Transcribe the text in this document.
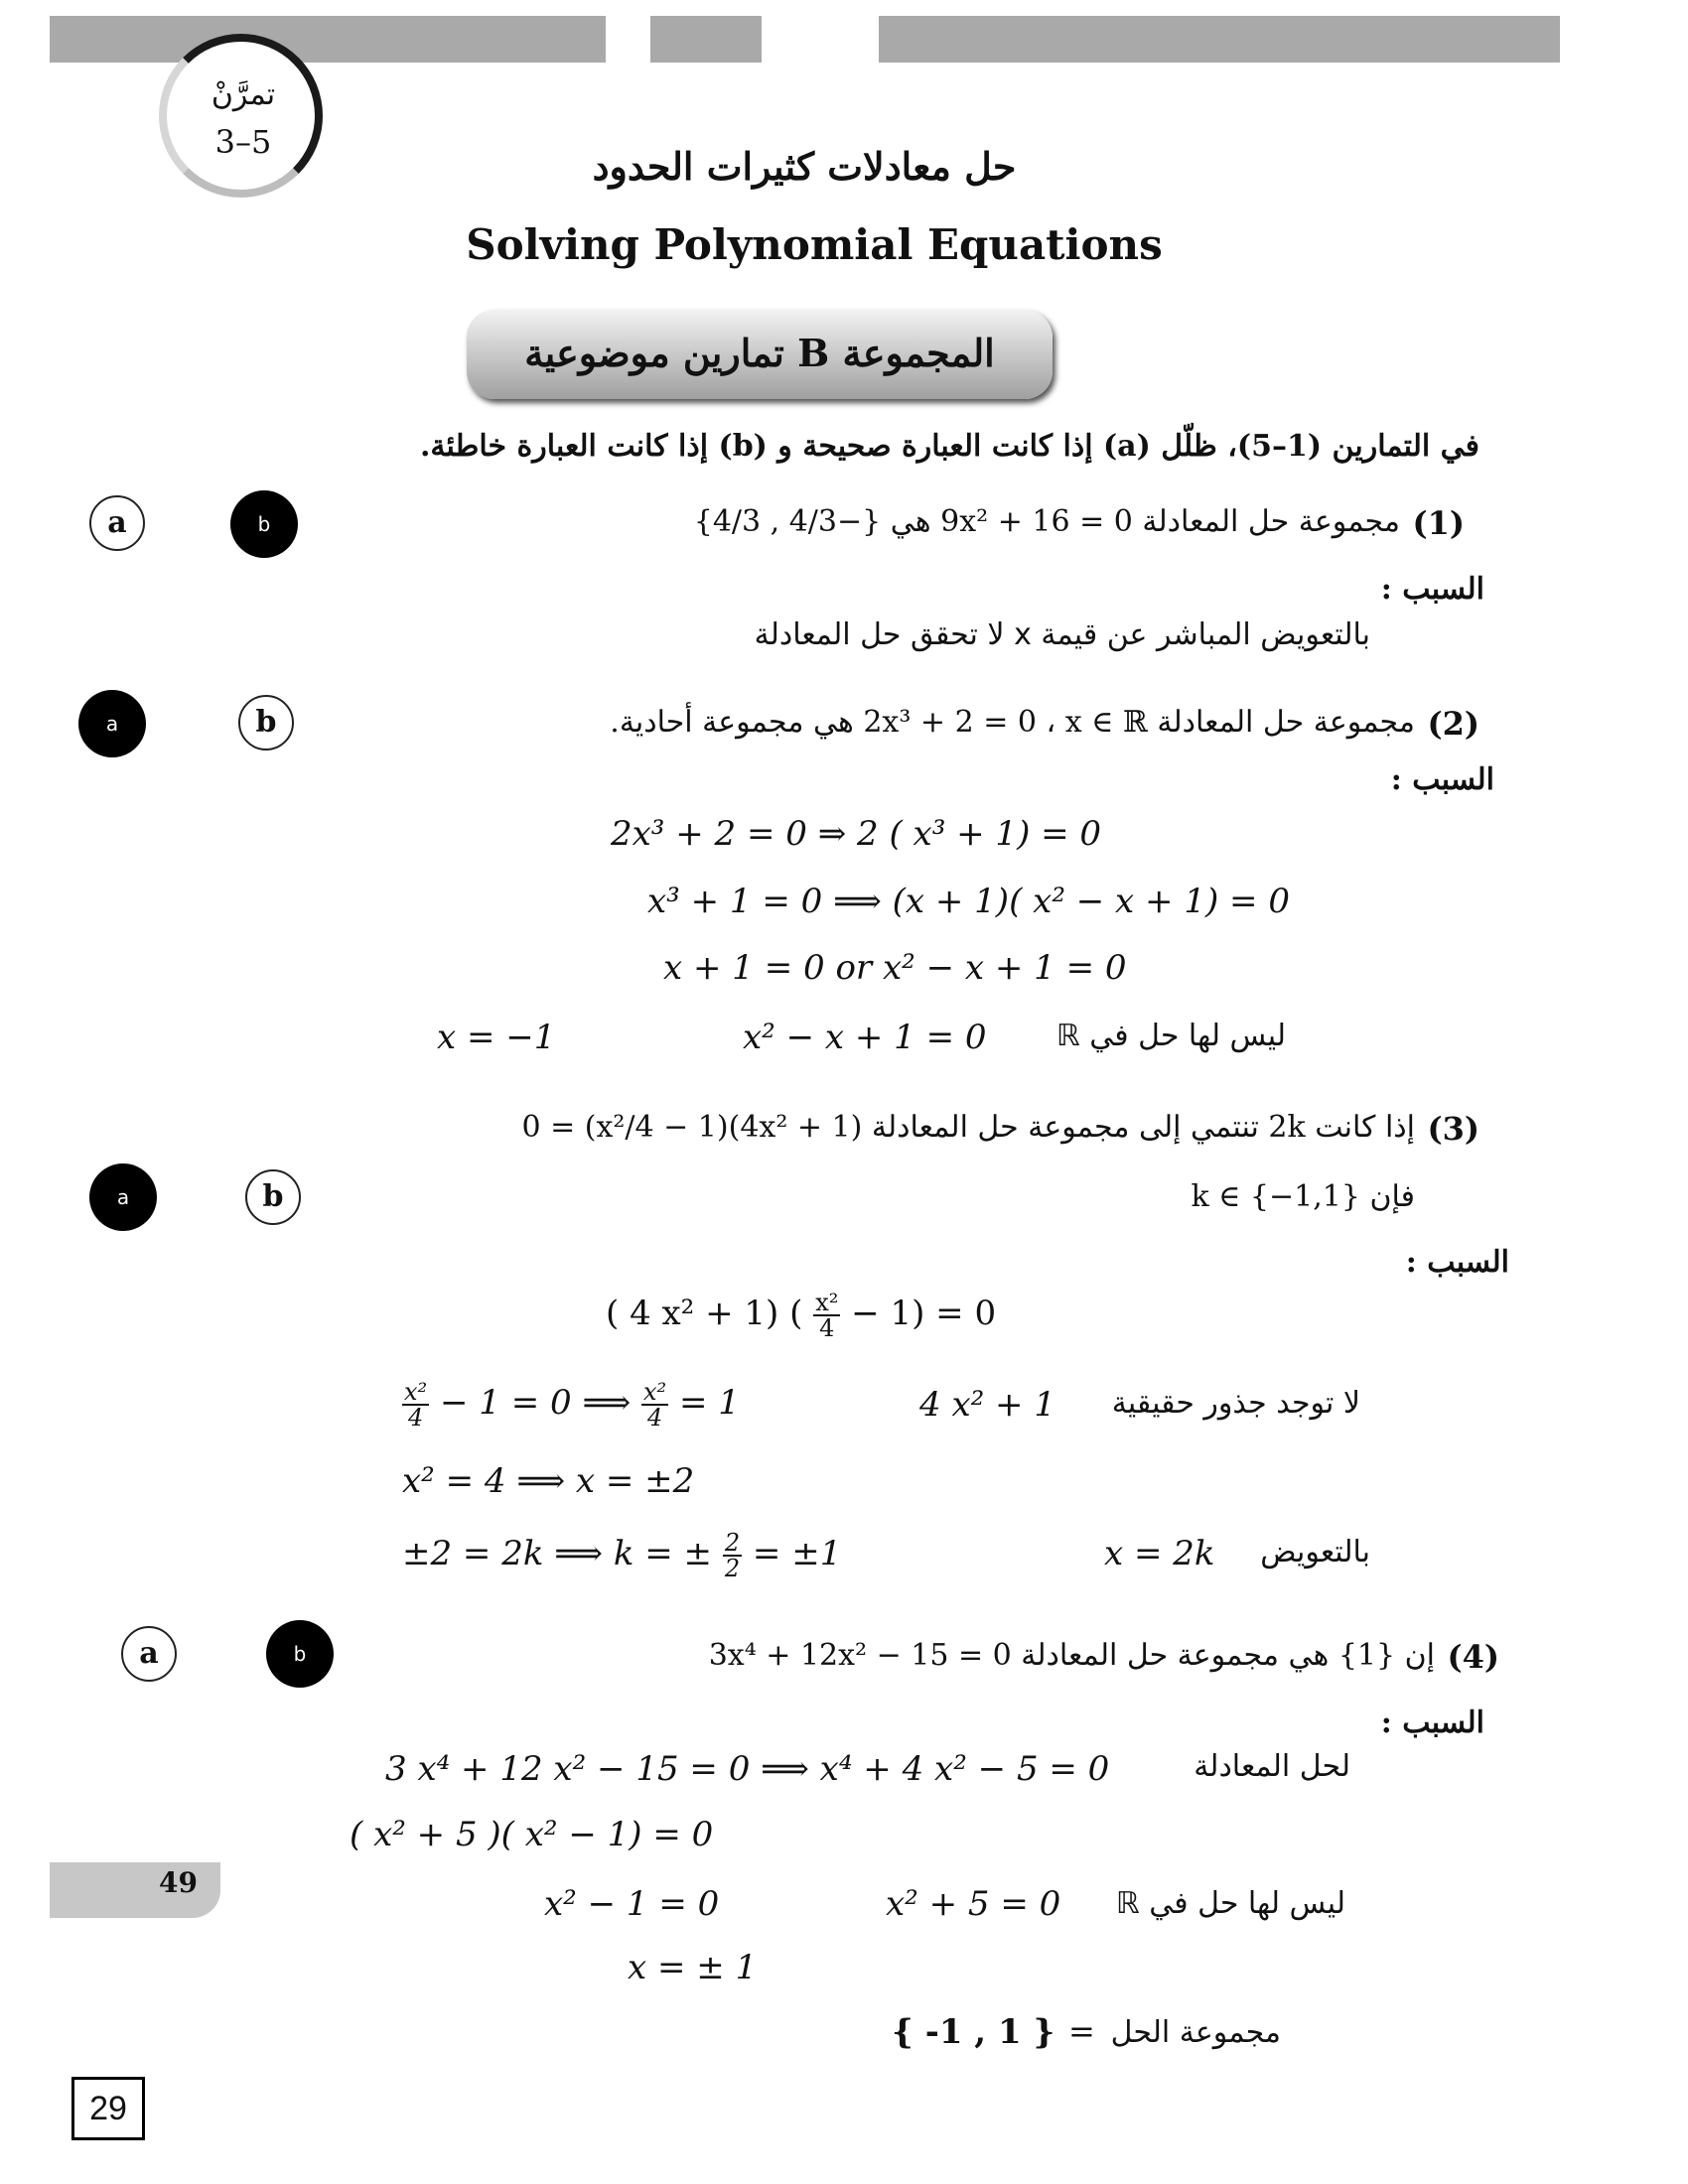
تمرَّنْ
3–5
حل معادلات كثيرات الحدود
Solving Polynomial Equations
المجموعة B تمارين موضوعية
في التمارين (1–5)، ظلّل (a) إذا كانت العبارة صحيحة و (b) إذا كانت العبارة خاطئة.
a	b	(1)
مجموعة حل المعادلة 9x² + 16 = 0 هي {−4/3 , 4/3}
السبب :
بالتعويض المباشر عن قيمة x لا تحقق حل المعادلة
a	b	(2)
مجموعة حل المعادلة 2x³ + 2 = 0 ، x ∈ ℝ هي مجموعة أحادية.
السبب :
2x³ + 2 = 0 ⇒ 2 ( x³ + 1) = 0
x³ + 1 = 0 ⟹ (x + 1)( x² − x + 1) = 0
x + 1 = 0 or x² − x + 1 = 0
x = −1	x² − x + 1 = 0 ليس لها حل في ℝ
a	b
(3)
إذا كانت 2k تنتمي إلى مجموعة حل المعادلة (4x² + 1)(x²/4 − 1) = 0
فإن k ∈ {−1,1}
السبب :
( 4 x² + 1) ( $\frac{\text{x²}}{4} - 1) = 0$
$\frac{\text{x²}}{4} - 1 = 0$ ⟹ $\frac{\text{x²}}{4} = 1$	4 x² + 1 لا توجد جذور حقيقية
x² = 4 ⟹ x = ±2
±2 = 2k ⟹ k = ± $\frac{2}{2} = \pm 1$	x = 2k بالتعويض
a	b	(4)
إن {1} هي مجموعة حل المعادلة 3x⁴ + 12x² − 15 = 0
السبب :
3 x⁴ + 12 x² − 15 = 0 ⟹ x⁴ + 4 x² − 5 = 0	لحل المعادلة
( x² + 5 )( x² − 1) = 0
x² − 1 = 0	x² + 5 = 0 ليس لها حل في ℝ
x = ± 1
{ -1 , 1 } = مجموعة الحل
49
29
